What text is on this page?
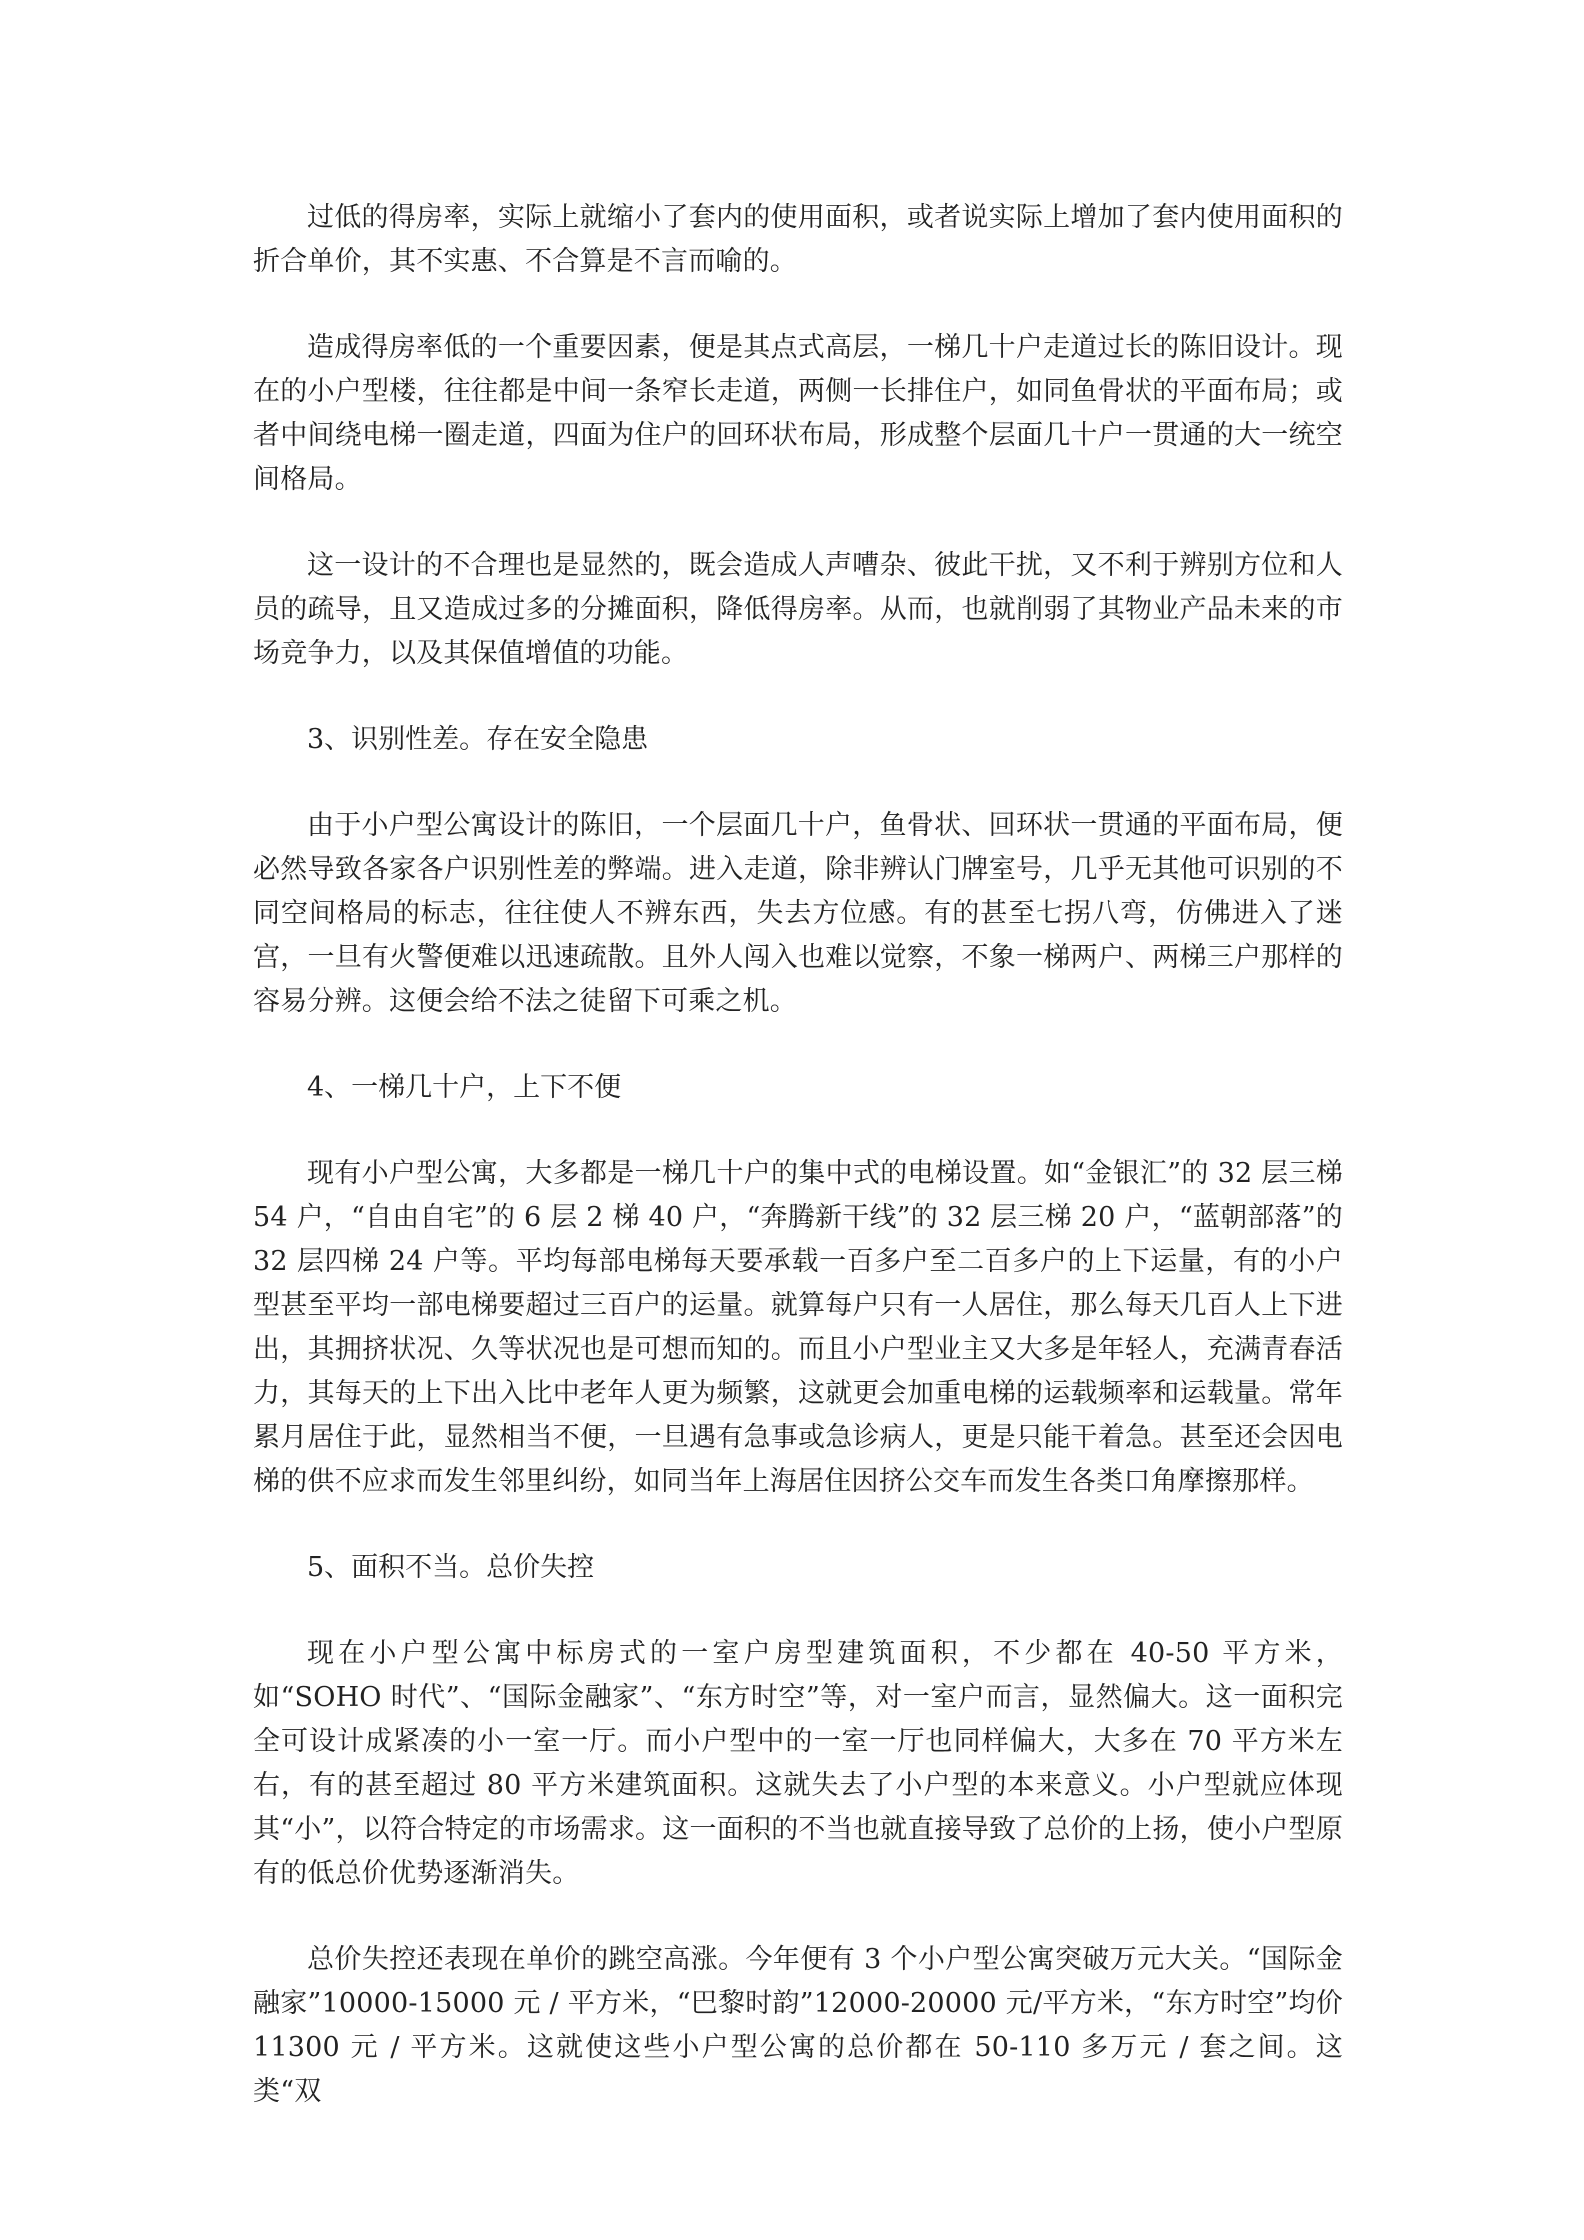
过低的得房率，实际上就缩小了套内的使用面积，或者说实际上增加了套内使用面积的折合单价，其不实惠、不合算是不言而喻的。

造成得房率低的一个重要因素，便是其点式高层，一梯几十户走道过长的陈旧设计。现在的小户型楼，往往都是中间一条窄长走道，两侧一长排住户，如同鱼骨状的平面布局；或者中间绕电梯一圈走道，四面为住户的回环状布局，形成整个层面几十户一贯通的大一统空间格局。

这一设计的不合理也是显然的，既会造成人声嘈杂、彼此干扰，又不利于辨别方位和人员的疏导，且又造成过多的分摊面积，降低得房率。从而，也就削弱了其物业产品未来的市场竞争力，以及其保值增值的功能。

3、识别性差。存在安全隐患

由于小户型公寓设计的陈旧，一个层面几十户，鱼骨状、回环状一贯通的平面布局，便必然导致各家各户识别性差的弊端。进入走道，除非辨认门牌室号，几乎无其他可识别的不同空间格局的标志，往往使人不辨东西，失去方位感。有的甚至七拐八弯，仿佛进入了迷宫，一旦有火警便难以迅速疏散。且外人闯入也难以觉察，不象一梯两户、两梯三户那样的容易分辨。这便会给不法之徒留下可乘之机。

4、一梯几十户，上下不便

现有小户型公寓，大多都是一梯几十户的集中式的电梯设置。如“金银汇”的 32 层三梯 54 户，“自由自宅”的 6 层 2 梯 40 户，“奔腾新干线”的 32 层三梯 20 户，“蓝朝部落”的 32 层四梯 24 户等。平均每部电梯每天要承载一百多户至二百多户的上下运量，有的小户型甚至平均一部电梯要超过三百户的运量。就算每户只有一人居住，那么每天几百人上下进出，其拥挤状况、久等状况也是可想而知的。而且小户型业主又大多是年轻人，充满青春活力，其每天的上下出入比中老年人更为频繁，这就更会加重电梯的运载频率和运载量。常年累月居住于此，显然相当不便，一旦遇有急事或急诊病人，更是只能干着急。甚至还会因电梯的供不应求而发生邻里纠纷，如同当年上海居住因挤公交车而发生各类口角摩擦那样。

5、面积不当。总价失控

现在小户型公寓中标房式的一室户房型建筑面积，不少都在 40-50 平方米，如“SOHO 时代”、“国际金融家”、“东方时空”等，对一室户而言，显然偏大。这一面积完全可设计成紧凑的小一室一厅。而小户型中的一室一厅也同样偏大，大多在 70 平方米左右，有的甚至超过 80 平方米建筑面积。这就失去了小户型的本来意义。小户型就应体现其“小”，以符合特定的市场需求。这一面积的不当也就直接导致了总价的上扬，使小户型原有的低总价优势逐渐消失。

总价失控还表现在单价的跳空高涨。今年便有 3 个小户型公寓突破万元大关。“国际金融家”10000-15000 元 / 平方米，“巴黎时韵”12000-20000 元/平方米，“东方时空”均价 11300 元 / 平方米。这就使这些小户型公寓的总价都在 50-110 多万元 / 套之间。这类“双
